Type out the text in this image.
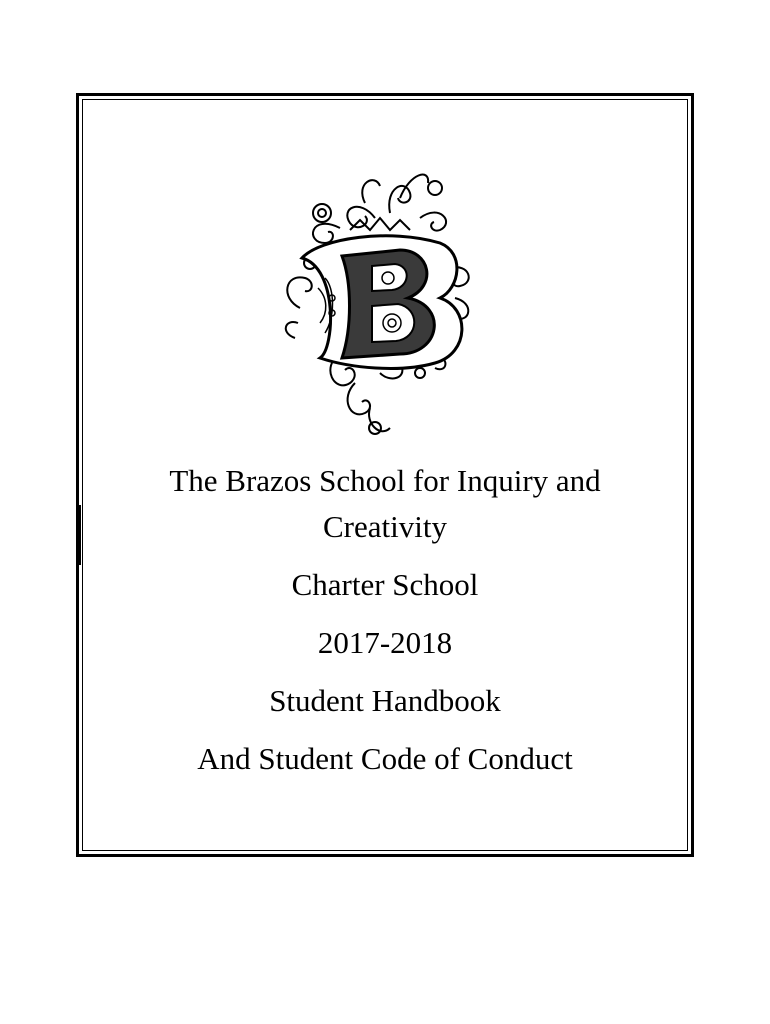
The Brazos School for Inquiry and
Creativity
Charter School
2017-2018
Student Handbook
And Student Code of Conduct
